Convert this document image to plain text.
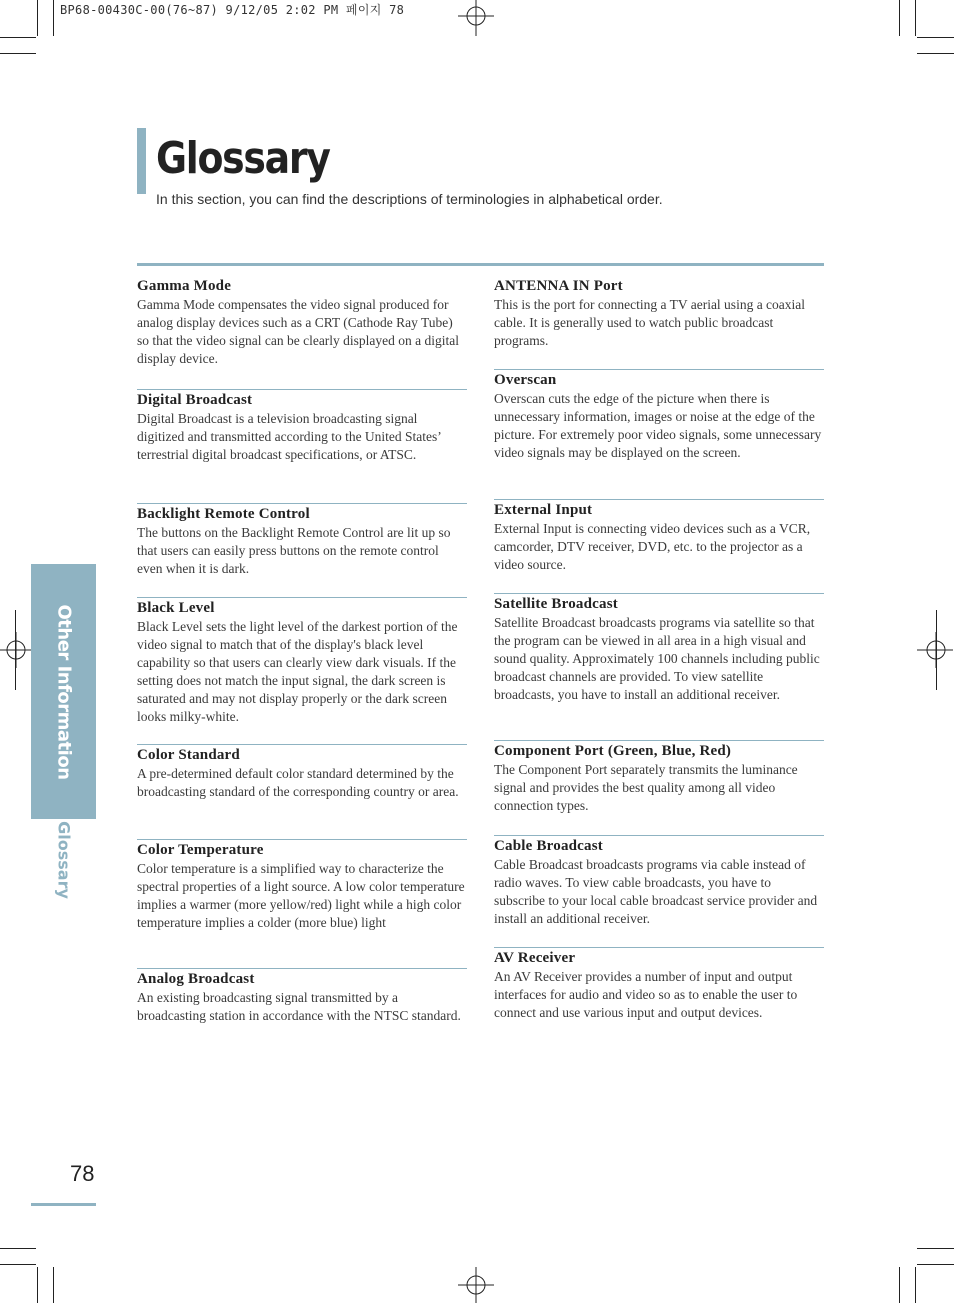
BP68-00430C-00(76~87) 9/12/05 2:02 PM 페이지 78
Glossary

In this section, you can find the descriptions of terminologies in alphabetical order.

Gamma Mode

Gamma Mode compensates the video signal produced for analog display devices such as a CRT (Cathode Ray Tube) so that the video signal can be clearly displayed on a digital display device.

Digital Broadcast

Digital Broadcast is a television broadcasting signal digitized and transmitted according to the United States’ terrestrial digital broadcast specifications, or ATSC.

Backlight Remote Control

The buttons on the Backlight Remote Control are lit up so that users can easily press buttons on the remote control even when it is dark.

Black Level

Black Level sets the light level of the darkest portion of the video signal to match that of the display's black level capability so that users can clearly view dark visuals. If the setting does not match the input signal, the dark screen is saturated and may not display properly or the dark screen looks milky-white.

Color Standard

A pre-determined default color standard determined by the broadcasting standard of the corresponding country or area.

Color Temperature

Color temperature is a simplified way to characterize the spectral properties of a light source. A low color temperature implies a warmer (more yellow/red) light while a high color temperature implies a colder (more blue) light

Analog Broadcast

An existing broadcasting signal transmitted by a broadcasting station in accordance with the NTSC standard.

ANTENNA IN Port

This is the port for connecting a TV aerial using a coaxial cable. It is generally used to watch public broadcast programs.

Overscan

Overscan cuts the edge of the picture when there is unnecessary information, images or noise at the edge of the picture. For extremely poor video signals, some unnecessary video signals may be displayed on the screen.

External Input

External Input is connecting video devices such as a VCR, camcorder, DTV receiver, DVD, etc. to the projector as a video source.

Satellite Broadcast

Satellite Broadcast broadcasts programs via satellite so that the program can be viewed in all area in a high visual and sound quality. Approximately 100 channels including public broadcast channels are provided. To view satellite broadcasts, you have to install an additional receiver.

Component Port (Green, Blue, Red)

The Component Port separately transmits the luminance signal and provides the best quality among all video connection types.

Cable Broadcast

Cable Broadcast broadcasts programs via cable instead of radio waves. To view cable broadcasts, you have to subscribe to your local cable broadcast service provider and install an additional receiver.

AV Receiver

An AV Receiver provides a number of input and output interfaces for audio and video so as to enable the user to connect and use various input and output devices.

Other Information
Glossary

78
